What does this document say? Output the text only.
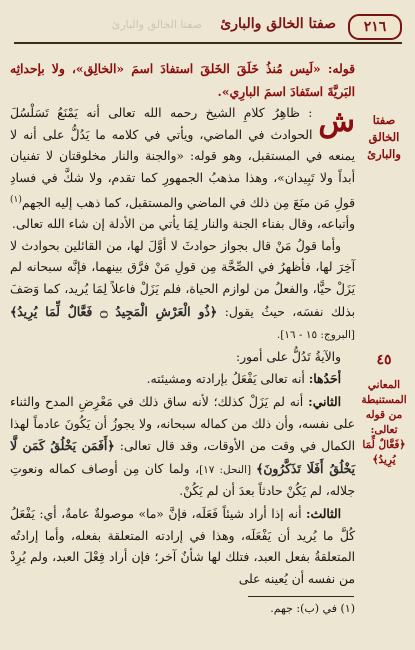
٢١٦
صفتا الخالق والبارئ
صفتا الخالق والبارئ
صفتا الخالق والبارئ
٤٥
المعاني المستنبطة من قوله تعالى: ﴿فَعَّالٌ لِّمَا يُرِيدُ﴾

قوله: «لَيس مُنذُ خَلَقَ الخَلقَ استفادَ اسمَ «الخالِق»، ولا بإحداثِه البَريَّةَ استَفادَ اسمَ البارِي».

ش
: ظاهِرُ كلامِ الشيخ رحمه الله تعالى أنه يَمْنَعُ تَسَلْسُلَ الحوادث في الماضي، ويأتي في كلامه ما يَدُلُّ على أنه لا يمنعه في المستقبل، وهو قوله: «والجنة والنار مخلوقتان لا تفنيان أبداً ولا تَبِيدان»، وهذا مذهبُ الجمهورِ كما تقدم، ولا شكَّ في فسادِ قولِ مَن منَعَ مِن ذلك في الماضي والمستقبل، كما ذهب إليه الجهم$^{(١)}$ وأتباعه، وقال بفناء الجنة والنار لِمَا يأتي من الأدلة إن شاء الله تعالى.

وأما قولُ مَنْ قال بجواز حوادثَ لا أوَّلَ لها، من القائلين بحوادث لا آخِرَ لها، فأظهرُ في الصِّحَّة مِن قولِ مَنْ فرَّق بينهما، فإنَّه سبحانه لم يَزَلْ حيًّا، والفعلُ من لوازم الحياة، فلم يَزَلْ فاعلاً لِمَا يُريد، كما وَصَفَ بذلك نفسَه، حيثُ يقول: ﴿ذُو الْعَرْشِ الْمَجِيدُ ۝ فَعَّالٌ لِّمَا يُرِيدُ﴾ [البروج: ١٥ - ١٦].

والآيةُ تَدُلُّ على أمور:

أحَدُها: أنه تعالى يَفْعَلُ بإرادته ومشيئته.

الثاني: أنه لم يَزَلْ كذلك؛ لأنه ساق ذلك في مَعْرِضِ المدح والثناء على نفسه، وأن ذلك من كماله سبحانه، ولا يجوزُ أن يَكُونَ عادماً لهذا الكمال في وقت من الأوقات، وقد قال تعالى: ﴿أَفَمَن يَخْلُقُ كَمَن لَّا يَخْلُقُ أَفَلَا تَذَكَّرُونَ﴾ [النحل: ١٧]، ولما كان مِن أوصاف كماله ونعوتِ جلاله، لم يَكُنْ حادثاً بعدَ أن لم يَكُنْ.

الثالث: أنه إذا أراد شيئاً فَعَلَه، فإنَّ «ما» موصولةٌ عامةٌ، أي: يَفْعَلُ كُلَّ ما يُريد أن يَفْعَلَه، وهذا في إرادته المتعلقة بفعله، وأما إرادتُه المتعلقةُ بفعل العبد، فتلك لها شأنٌ آخر؛ فإن أراد فِعْلَ العبد، ولم يُرِدْ من نفسه أن يُعينه على

(١) في (ب): جهم.
